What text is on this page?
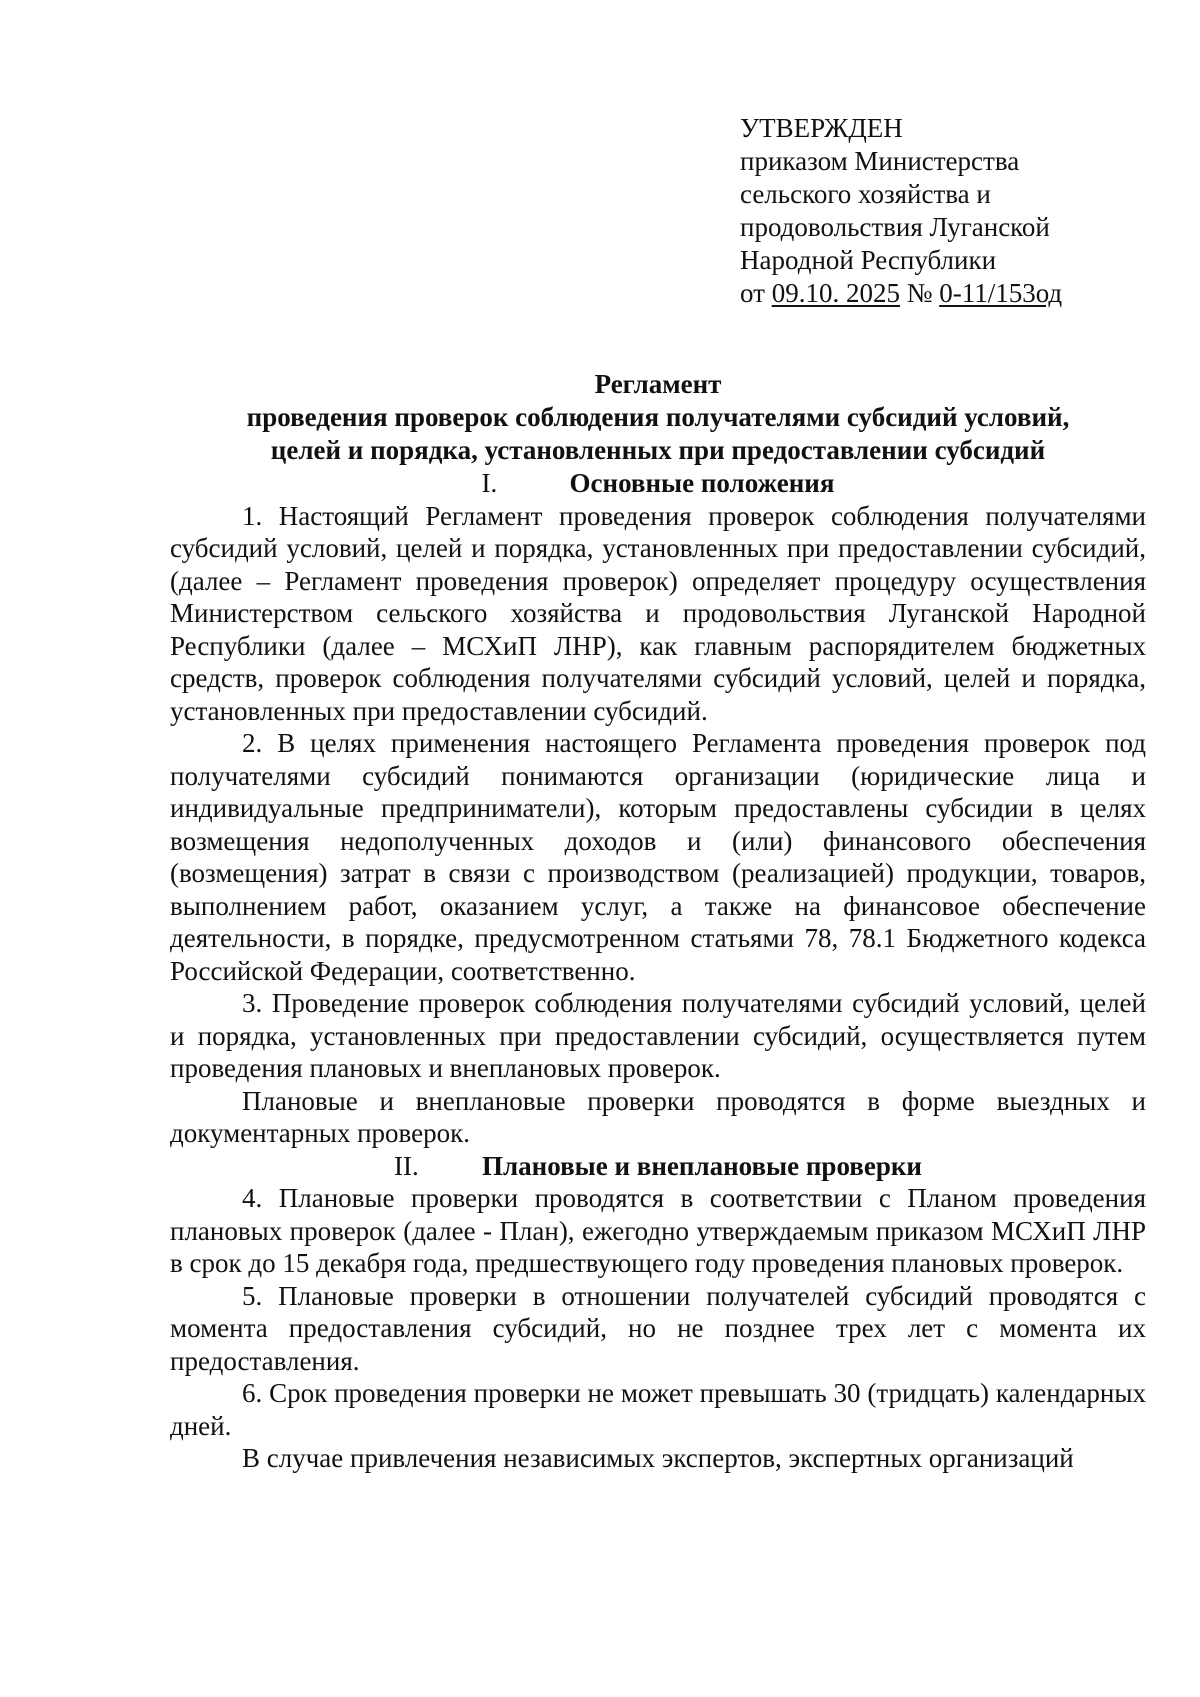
УТВЕРЖДЕН
приказом Министерства
сельского хозяйства и
продовольствия Луганской
Народной Республики
от 09.10. 2025 № 0-11/153од
Регламент
проведения проверок соблюдения получателями субсидий условий,
целей и порядка, установленных при предоставлении субсидий
I.	Основные положения

1. Настоящий Регламент проведения проверок соблюдения получателями субсидий условий, целей и порядка, установленных при предоставлении субсидий, (далее – Регламент проведения проверок) определяет процедуру осуществления Министерством сельского хозяйства и продовольствия Луганской Народной Республики (далее – МСХиП ЛНР), как главным распорядителем бюджетных средств, проверок соблюдения получателями субсидий условий, целей и порядка, установленных при предоставлении субсидий.

2. В целях применения настоящего Регламента проведения проверок под получателями субсидий понимаются организации (юридические лица и индивидуальные предприниматели), которым предоставлены субсидии в целях возмещения недополученных доходов и (или) финансового обеспечения (возмещения) затрат в связи с производством (реализацией) продукции, товаров, выполнением работ, оказанием услуг, а также на финансовое обеспечение деятельности, в порядке, предусмотренном статьями 78, 78.1 Бюджетного кодекса Российской Федерации, соответственно.

3. Проведение проверок соблюдения получателями субсидий условий, целей и порядка, установленных при предоставлении субсидий, осуществляется путем проведения плановых и внеплановых проверок.

Плановые и внеплановые проверки проводятся в форме выездных и документарных проверок.

II. Плановые и внеплановые проверки

4. Плановые проверки проводятся в соответствии с Планом проведения плановых проверок (далее - План), ежегодно утверждаемым приказом МСХиП ЛНР в срок до 15 декабря года, предшествующего году проведения плановых проверок.

5. Плановые проверки в отношении получателей субсидий проводятся с момента предоставления субсидий, но не позднее трех лет с момента их предоставления.

6. Срок проведения проверки не может превышать 30 (тридцать) календарных дней.

В случае привлечения независимых экспертов, экспертных организаций
